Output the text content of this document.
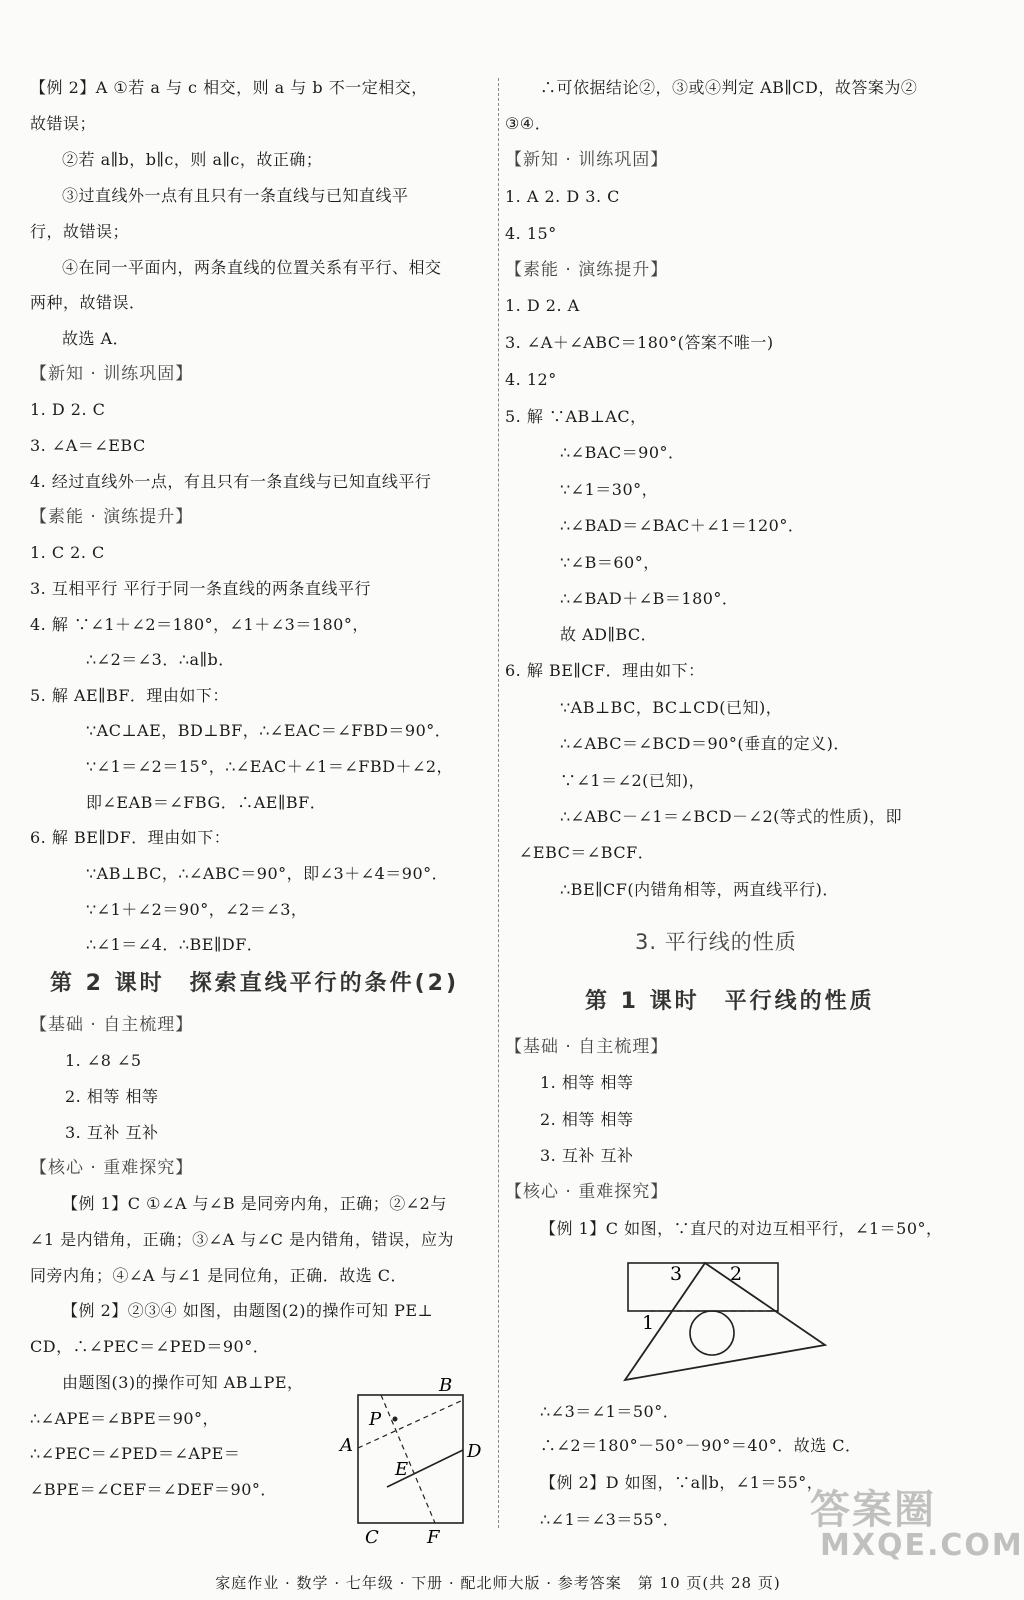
【例 2】A ①若 a 与 c 相交，则 a 与 b 不一定相交，
故错误；
②若 a∥b，b∥c，则 a∥c，故正确；
③过直线外一点有且只有一条直线与已知直线平
行，故错误；
④在同一平面内，两条直线的位置关系有平行、相交
两种，故错误．
故选 A．
【新知 · 训练巩固】
1. D 2. C
3. ∠A＝∠EBC
4. 经过直线外一点，有且只有一条直线与已知直线平行
【素能 · 演练提升】
1. C 2. C
3. 互相平行 平行于同一条直线的两条直线平行
4. 解 ∵∠1＋∠2＝180°，∠1＋∠3＝180°，
∴∠2＝∠3．∴a∥b．
5. 解 AE∥BF．理由如下：
∵AC⊥AE，BD⊥BF，∴∠EAC＝∠FBD＝90°．
∵∠1＝∠2＝15°，∴∠EAC＋∠1＝∠FBD＋∠2，
即∠EAB＝∠FBG．∴AE∥BF．
6. 解 BE∥DF．理由如下：
∵AB⊥BC，∴∠ABC＝90°，即∠3＋∠4＝90°．
∵∠1＋∠2＝90°，∠2＝∠3，
∴∠1＝∠4．∴BE∥DF．
第 2 课时　探索直线平行的条件(2)
【基础 · 自主梳理】
1. ∠8 ∠5
2. 相等 相等
3. 互补 互补
【核心 · 重难探究】
【例 1】C ①∠A 与∠B 是同旁内角，正确；②∠2与
∠1 是内错角，正确；③∠A 与∠C 是内错角，错误，应为
同旁内角；④∠A 与∠1 是同位角，正确．故选 C．
【例 2】②③④ 如图，由题图(2)的操作可知 PE⊥
CD，∴∠PEC＝∠PED＝90°．
由题图(3)的操作可知 AB⊥PE，
∴∠APE＝∠BPE＝90°，
∴∠PEC＝∠PED＝∠APE＝
∠BPE＝∠CEF＝∠DEF＝90°．
∴可依据结论②，③或④判定 AB∥CD，故答案为②
③④．
【新知 · 训练巩固】
1. A 2. D 3. C
4. 15°
【素能 · 演练提升】
1. D 2. A
3. ∠A＋∠ABC＝180°(答案不唯一)
4. 12°
5. 解 ∵AB⊥AC，
∴∠BAC＝90°．
∵∠1＝30°，
∴∠BAD＝∠BAC＋∠1＝120°．
∵∠B＝60°，
∴∠BAD＋∠B＝180°．
故 AD∥BC．
6. 解 BE∥CF．理由如下：
∵AB⊥BC，BC⊥CD(已知)，
∴∠ABC＝∠BCD＝90°(垂直的定义)．
∵∠1＝∠2(已知)，
∴∠ABC－∠1＝∠BCD－∠2(等式的性质)，即
∠EBC＝∠BCF．
∴BE∥CF(内错角相等，两直线平行)．
3. 平行线的性质
第 1 课时　平行线的性质
【基础 · 自主梳理】
1. 相等 相等
2. 相等 相等
3. 互补 互补
【核心 · 重难探究】
【例 1】C 如图，∵直尺的对边互相平行，∠1＝50°，
∴∠3＝∠1＝50°．
∴∠2＝180°－50°－90°＝40°．故选 C．
【例 2】D 如图，∵a∥b，∠1＝55°，
∴∠1＝∠3＝55°．
B
P
A	D
E
C	F
3	2
1
答案圈
MXQE.COM
家庭作业 · 数学 · 七年级 · 下册 · 配北师大版 · 参考答案　第 10 页(共 28 页)
